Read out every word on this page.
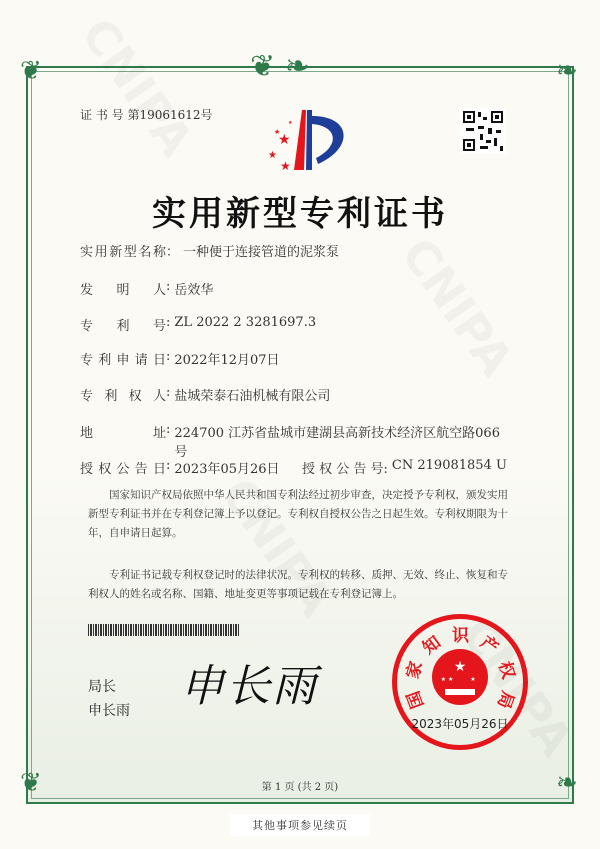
❦ ❧
❦	❧
❦	❧
证 书 号 第19061612号
★
★
★
★
★
实用新型专利证书
实 用 新 型 名 称 ： 一种便于连接管道的泥浆泵
发 明 人 : 岳效华
专 利 号 : ZL 2022 2 3281697.3
专 利 申 请 日 : 2022年12月07日
专 利 权 人 : 盐城荣泰石油机械有限公司
地	址 : 224700 江苏省盐城市建湖县高新技术经济区航空路066
号
授 权 公 告 日 : 2023年05月26日 授 权 公 告 号: CN 219081854 U
国家知识产权局依照中华人民共和国专利法经过初步审查，决定授予专利权，颁发实用新型专利证书并在专利登记簿上予以登记。专利权自授权公告之日起生效。专利权期限为十年，自申请日起算。
专利证书记载专利权登记时的法律状况。专利权的转移、质押、无效、终止、恢复和专利权人的姓名或名称、国籍、地址变更等事项记载在专利登记簿上。
局长
申长雨 申长雨	★
★ ★	★
国
家
知 识 产
权
局
2023年05月26日
第 1 页 (共 2 页)
其他事项参见续页
